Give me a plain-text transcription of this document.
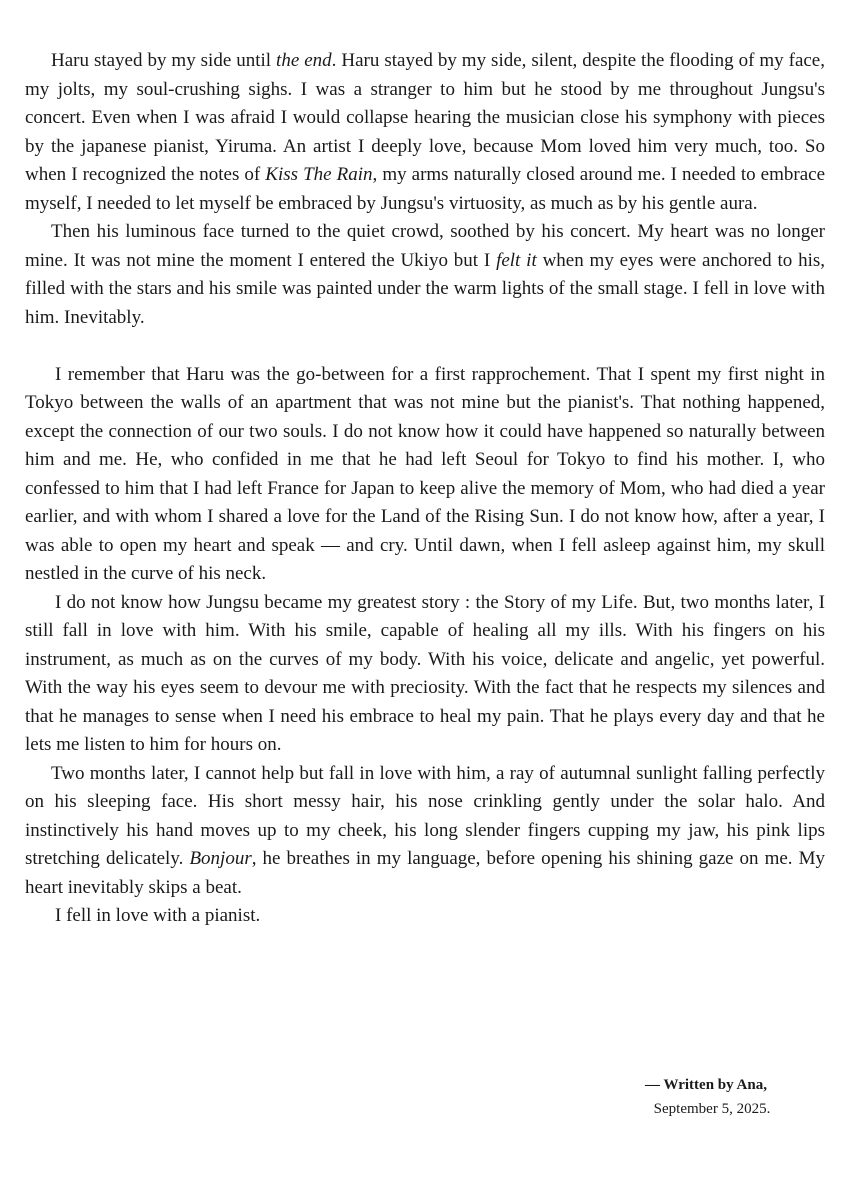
Haru stayed by my side until the end. Haru stayed by my side, silent, despite the flooding of my face, my jolts, my soul-crushing sighs. I was a stranger to him but he stood by me throughout Jungsu's concert. Even when I was afraid I would collapse hearing the musician close his symphony with pieces by the japanese pianist, Yiruma. An artist I deeply love, because Mom loved him very much, too. So when I recognized the notes of Kiss The Rain, my arms naturally closed around me. I needed to embrace myself, I needed to let myself be embraced by Jungsu's virtuosity, as much as by his gentle aura.

Then his luminous face turned to the quiet crowd, soothed by his concert. My heart was no longer mine. It was not mine the moment I entered the Ukiyo but I felt it when my eyes were anchored to his, filled with the stars and his smile was painted under the warm lights of the small stage. I fell in love with him. Inevitably.

I remember that Haru was the go-between for a first rapprochement. That I spent my first night in Tokyo between the walls of an apartment that was not mine but the pianist's. That nothing happened, except the connection of our two souls. I do not know how it could have happened so naturally between him and me. He, who confided in me that he had left Seoul for Tokyo to find his mother. I, who confessed to him that I had left France for Japan to keep alive the memory of Mom, who had died a year earlier, and with whom I shared a love for the Land of the Rising Sun. I do not know how, after a year, I was able to open my heart and speak — and cry. Until dawn, when I fell asleep against him, my skull nestled in the curve of his neck.

I do not know how Jungsu became my greatest story : the Story of my Life. But, two months later, I still fall in love with him. With his smile, capable of healing all my ills. With his fingers on his instrument, as much as on the curves of my body. With his voice, delicate and angelic, yet powerful. With the way his eyes seem to devour me with preciosity. With the fact that he respects my silences and that he manages to sense when I need his embrace to heal my pain. That he plays every day and that he lets me listen to him for hours on.

Two months later, I cannot help but fall in love with him, a ray of autumnal sunlight falling perfectly on his sleeping face. His short messy hair, his nose crinkling gently under the solar halo. And instinctively his hand moves up to my cheek, his long slender fingers cupping my jaw, his pink lips stretching delicately. Bonjour, he breathes in my language, before opening his shining gaze on me. My heart inevitably skips a beat.

I fell in love with a pianist.

— Written by Ana,
September 5, 2025.
